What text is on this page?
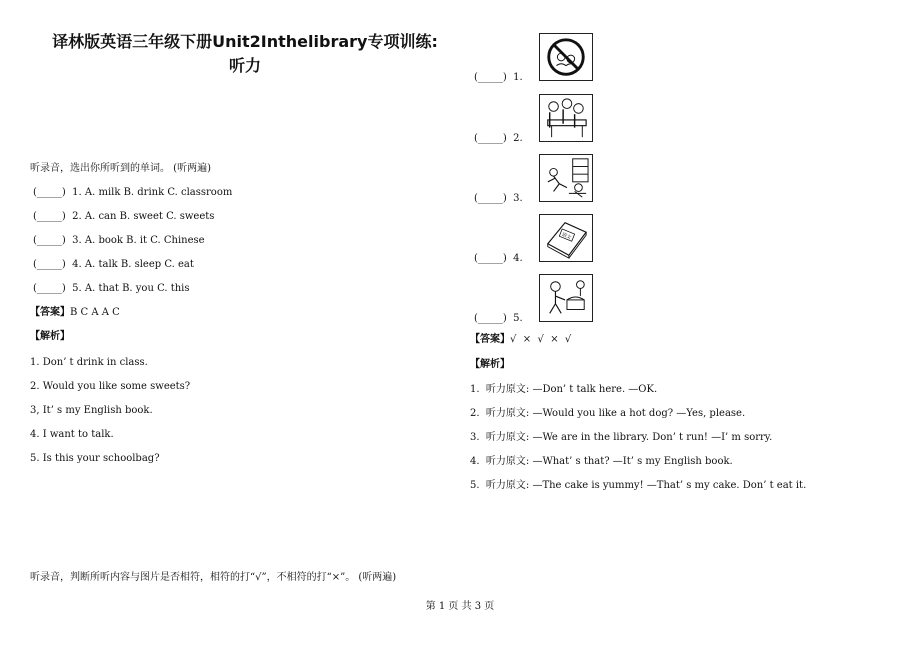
译林版英语三年级下册Unit2Inthelibrary专项训练:
听力

听录音，选出你所听到的单词。 (听两遍)

(_____)  1. A. milk B. drink C. classroom

(_____)  2. A. can B. sweet C. sweets

(_____)  3. A. book B. it C. Chinese

(_____)  4. A. talk B. sleep C. eat

(_____)  5. A. that B. you C. this

【答案】B C A A C

【解析】

1. Don’ t drink in class.

2. Would you like some sweets?

3, It’ s my English book.

4. I want to talk.

5. Is this your schoolbag?

听录音，判断所听内容与图片是否相符，相符的打“√”，不相符的打“×”。 (听两遍)
(_____)  1.
(_____)  2.
(_____)  3.
(_____)  4.
(_____)  5.
语文

【答案】√  ×  √  ×  √

【解析】

1.  听力原文: —Don’ t talk here. —OK.

2.  听力原文: —Would you like a hot dog? —Yes, please.

3.  听力原文: —We are in the library. Don’ t run! —I’ m sorry.

4.  听力原文: —What’ s that? —It’ s my English book.

5.  听力原文: —The cake is yummy! —That’ s my cake. Don’ t eat it.

第 1 页 共 3 页
